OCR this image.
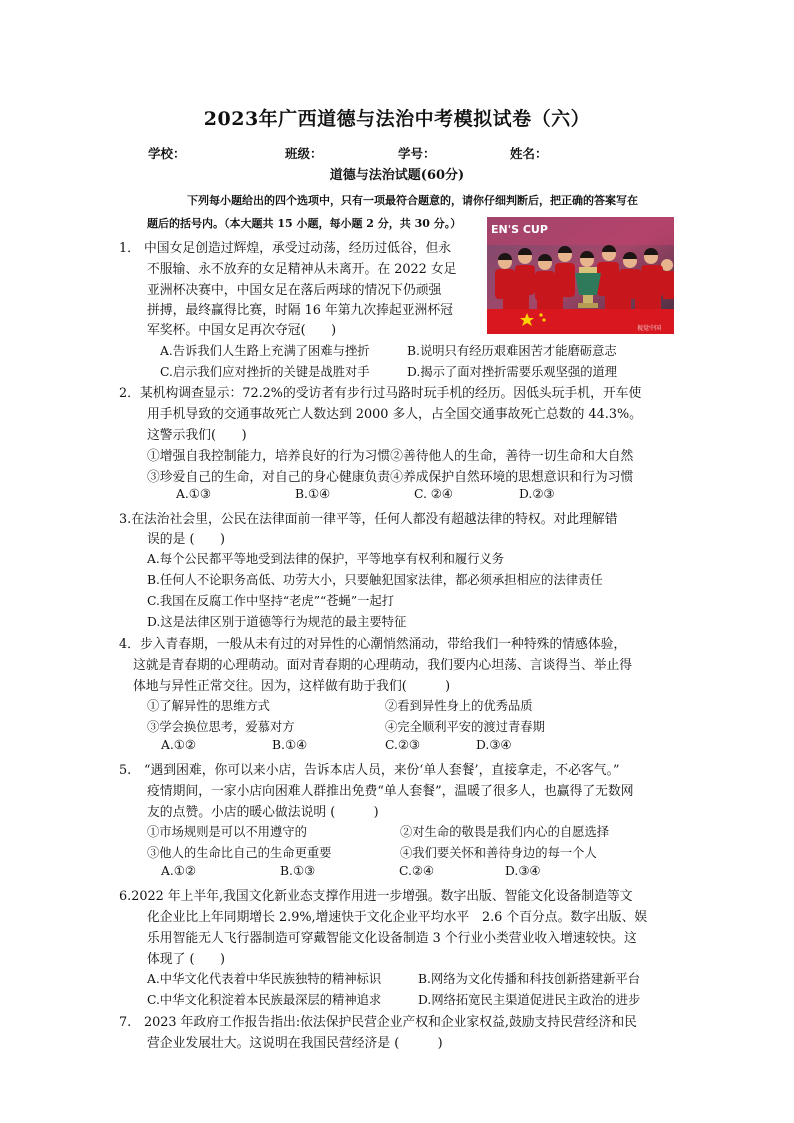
2023年广西道德与法治中考模拟试卷（六）
学校：	班级：	学号：	姓名：
道德与法治试题(60分)
下列每小题给出的四个选项中，只有一项最符合题意的，请你仔细判断后，把正确的答案写在
题后的括号内。（本大题共 15 小题，每小题 2 分，共 30 分。）	EN'S CUP
视觉中国
1． 中国女足创造过辉煌，承受过动荡，经历过低谷，但永
不服输、永不放弃的女足精神从未离开。在 2022 女足
亚洲杯决赛中，中国女足在落后两球的情况下仍顽强
拼搏，最终赢得比赛，时隔 16 年第九次捧起亚洲杯冠
军奖杯。中国女足再次夺冠(　　)
A.告诉我们人生路上充满了困难与挫折	B.说明只有经历艰难困苦才能磨砺意志
C.启示我们应对挫折的关键是战胜对手	D.揭示了面对挫折需要乐观坚强的道理
2．某机构调查显示：72.2%的受访者有步行过马路时玩手机的经历。因低头玩手机，开车使
用手机导致的交通事故死亡人数达到 2000 多人，占全国交通事故死亡总数的 44.3%。
这警示我们(　　)
①增强自我控制能力，培养良好的行为习惯②善待他人的生命，善待一切生命和大自然
③珍爱自己的生命，对自己的身心健康负责④养成保护自然环境的思想意识和行为习惯
A.①③	B.①④	C. ②④	D.②③
3.在法治社会里，公民在法律面前一律平等，任何人都没有超越法律的特权。对此理解错
误的是 (　　)
A.每个公民都平等地受到法律的保护，平等地享有权利和履行义务
B.任何人不论职务高低、功劳大小，只要触犯国家法律，都必须承担相应的法律责任
C.我国在反腐工作中坚持“老虎”“苍蝇”一起打
D.这是法律区别于道德等行为规范的最主要特征
4．步入青春期，一般从未有过的对异性的心潮悄然涌动，带给我们一种特殊的情感体验，
这就是青春期的心理萌动。面对青春期的心理萌动，我们要内心坦荡、言谈得当、举止得
体地与异性正常交往。因为，这样做有助于我们(　　　)
①了解异性的思维方式	②看到异性身上的优秀品质
③学会换位思考，爱慕对方	④完全顺利平安的渡过青春期
A.①②	B.①④	C.②③	D.③④
5.　“遇到困难，你可以来小店，告诉本店人员，来份‘单人套餐’，直接拿走，不必客气。”
疫情期间，一家小店向困难人群推出免费“单人套餐”，温暖了很多人，也赢得了无数网
友的点赞。小店的暖心做法说明 (　　　)
①市场规则是可以不用遵守的	②对生命的敬畏是我们内心的自愿选择
③他人的生命比自己的生命更重要	④我们要关怀和善待身边的每一个人
A.①②	B.①③	C.②④	D.③④
6.2022 年上半年,我国文化新业态支撑作用进一步增强。数字出版、智能文化设备制造等文
化企业比上年同期增长 2.9%,增速快于文化企业平均水平　2.6 个百分点。数字出版、娱
乐用智能无人飞行器制造可穿戴智能文化设备制造 3 个行业小类营业收入增速较快。这
体现了 (　　)
A.中华文化代表着中华民族独特的精神标识	B.网络为文化传播和科技创新搭建新平台
C.中华文化积淀着本民族最深层的精神追求	D.网络拓宽民主渠道促进民主政治的进步
7.　2023 年政府工作报告指出:依法保护民营企业产权和企业家权益,鼓励支持民营经济和民
营企业发展壮大。这说明在我国民营经济是 (　　　)
